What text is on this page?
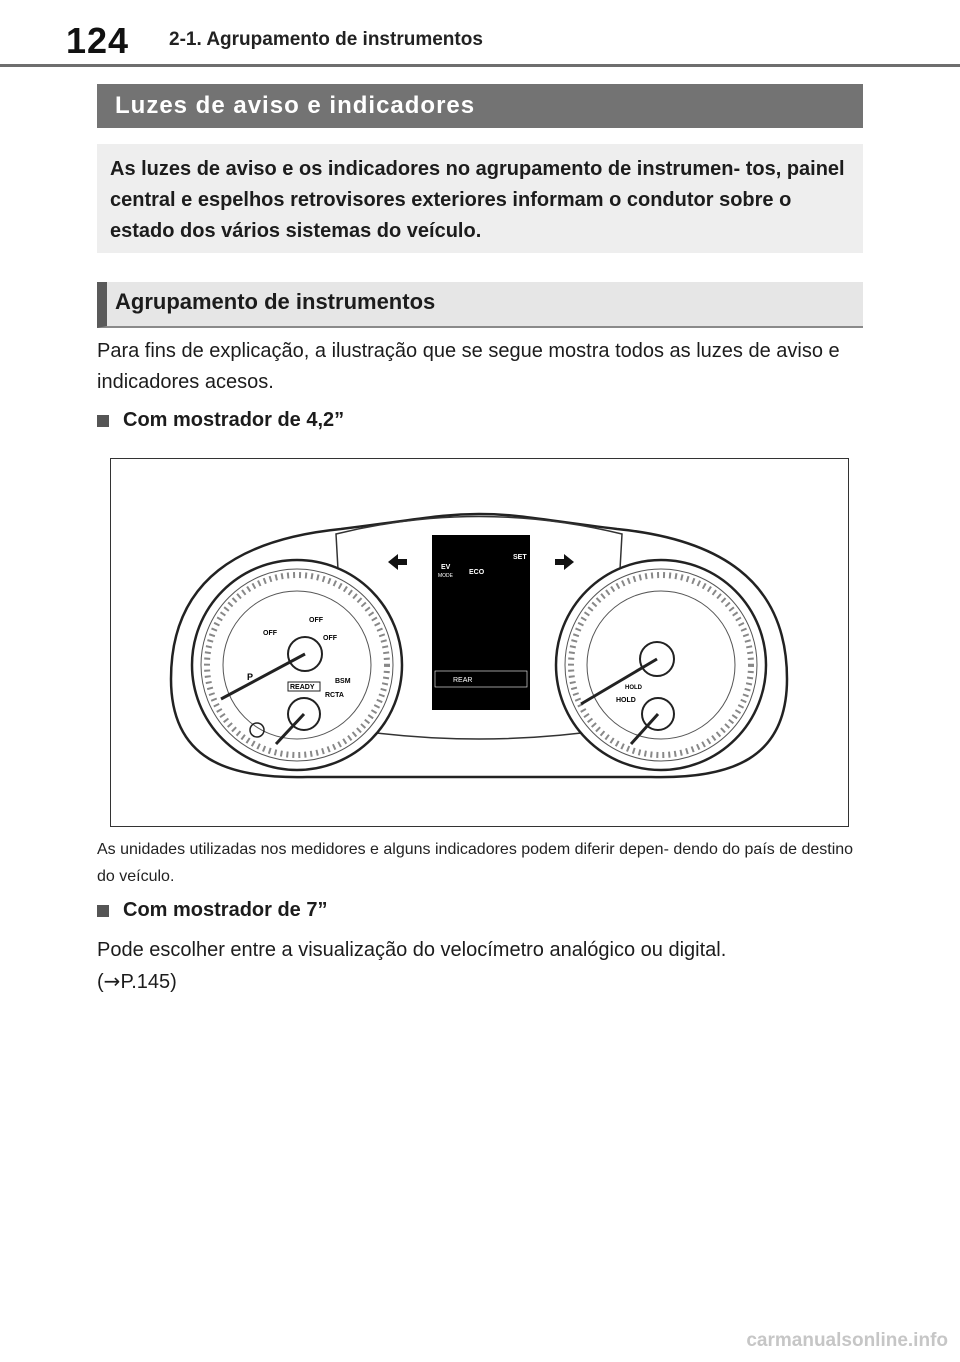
124 2-1. Agrupamento de instrumentos
Luzes de aviso e indicadores
As luzes de aviso e os indicadores no agrupamento de instrumen- tos, painel central e espelhos retrovisores exteriores informam o condutor sobre o estado dos vários sistemas do veículo.
Agrupamento de instrumentos
Para fins de explicação, a ilustração que se segue mostra todos as luzes de aviso e indicadores acesos.
Com mostrador de 4,2”
OFF
OFF
OFF
P
READY
BSM
RCTA
EV
MODE ECO
SET
REAR
HOLD
HOLD
As unidades utilizadas nos medidores e alguns indicadores podem diferir depen- dendo do país de destino do veículo.
Com mostrador de 7”
Pode escolher entre a visualização do velocímetro analógico ou digital.
(→P.145)
carmanualsonline.info
